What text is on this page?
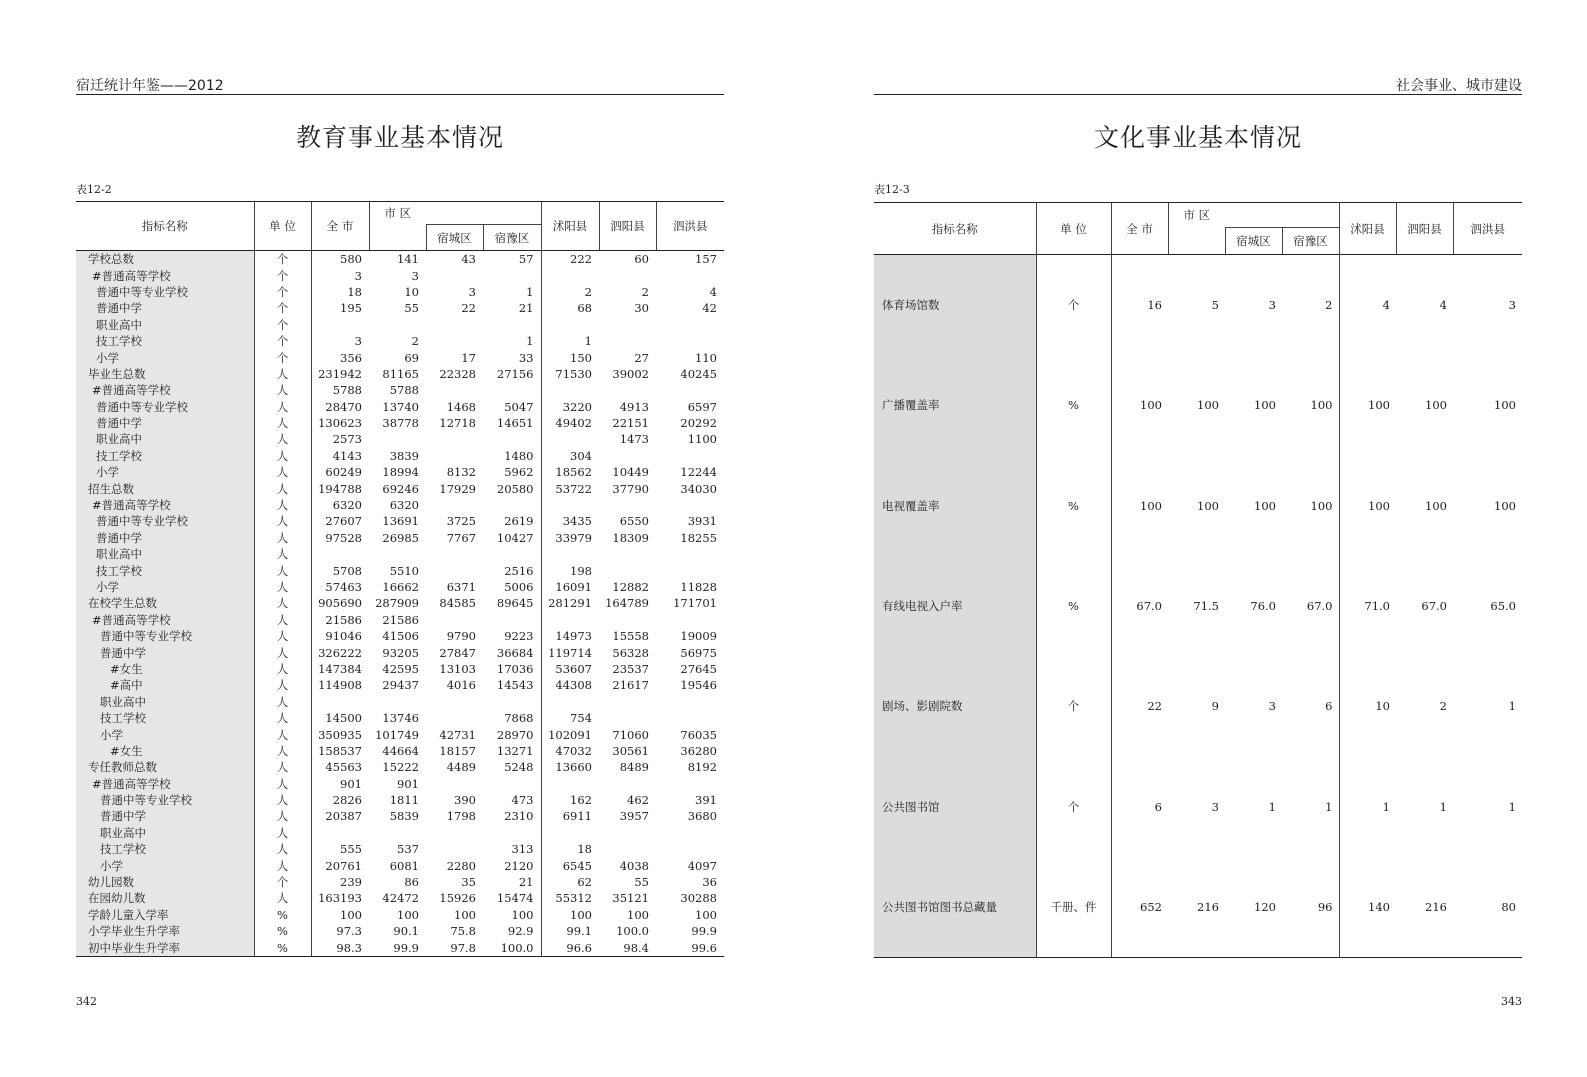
宿迁统计年鉴——2012
教育事业基本情况
表12-2
指标名称	单 位	全 市	市 区			沭阳县	泗阳县	泗洪县
				宿城区	宿豫区			
学校总数	个	580	141	43	57	222	60	157
#普通高等学校	个	3	3					
普通中等专业学校	个	18	10	3	1	2	2	4
普通中学	个	195	55	22	21	68	30	42
职业高中	个							
技工学校	个	3	2		1	1		
小学	个	356	69	17	33	150	27	110
毕业生总数	人	231942	81165	22328	27156	71530	39002	40245
#普通高等学校	人	5788	5788					
普通中等专业学校	人	28470	13740	1468	5047	3220	4913	6597
普通中学	人	130623	38778	12718	14651	49402	22151	20292
职业高中	人	2573					1473	1100
技工学校	人	4143	3839		1480	304		
小学	人	60249	18994	8132	5962	18562	10449	12244
招生总数	人	194788	69246	17929	20580	53722	37790	34030
#普通高等学校	人	6320	6320					
普通中等专业学校	人	27607	13691	3725	2619	3435	6550	3931
普通中学	人	97528	26985	7767	10427	33979	18309	18255
职业高中	人							
技工学校	人	5708	5510		2516	198		
小学	人	57463	16662	6371	5006	16091	12882	11828
在校学生总数	人	905690	287909	84585	89645	281291	164789	171701
#普通高等学校	人	21586	21586					
普通中等专业学校	人	91046	41506	9790	9223	14973	15558	19009
普通中学	人	326222	93205	27847	36684	119714	56328	56975
#女生	人	147384	42595	13103	17036	53607	23537	27645
#高中	人	114908	29437	4016	14543	44308	21617	19546
职业高中	人							
技工学校	人	14500	13746		7868	754		
小学	人	350935	101749	42731	28970	102091	71060	76035
#女生	人	158537	44664	18157	13271	47032	30561	36280
专任教师总数	人	45563	15222	4489	5248	13660	8489	8192
#普通高等学校	人	901	901					
普通中等专业学校	人	2826	1811	390	473	162	462	391
普通中学	人	20387	5839	1798	2310	6911	3957	3680
职业高中	人							
技工学校	人	555	537		313	18		
小学	人	20761	6081	2280	2120	6545	4038	4097
幼儿园数	个	239	86	35	21	62	55	36
在园幼儿数	人	163193	42472	15926	15474	55312	35121	30288
学龄儿童入学率	%	100	100	100	100	100	100	100
小学毕业生升学率	%	97.3	90.1	75.8	92.9	99.1	100.0	99.9
初中毕业生升学率	%	98.3	99.9	97.8	100.0	96.6	98.4	99.6
342
社会事业、城市建设
文化事业基本情况
表12-3
指标名称	单 位	全 市	市 区			沭阳县	泗阳县	泗洪县
				宿城区	宿豫区			
体育场馆数	个	16	5	3	2	4	4	3
广播覆盖率	%	100	100	100	100	100	100	100
电视覆盖率	%	100	100	100	100	100	100	100
有线电视入户率	%	67.0	71.5	76.0	67.0	71.0	67.0	65.0
剧场、影剧院数	个	22	9	3	6	10	2	1
公共图书馆	个	6	3	1	1	1	1	1
公共图书馆图书总藏量	千册、件	652	216	120	96	140	216	80
343
